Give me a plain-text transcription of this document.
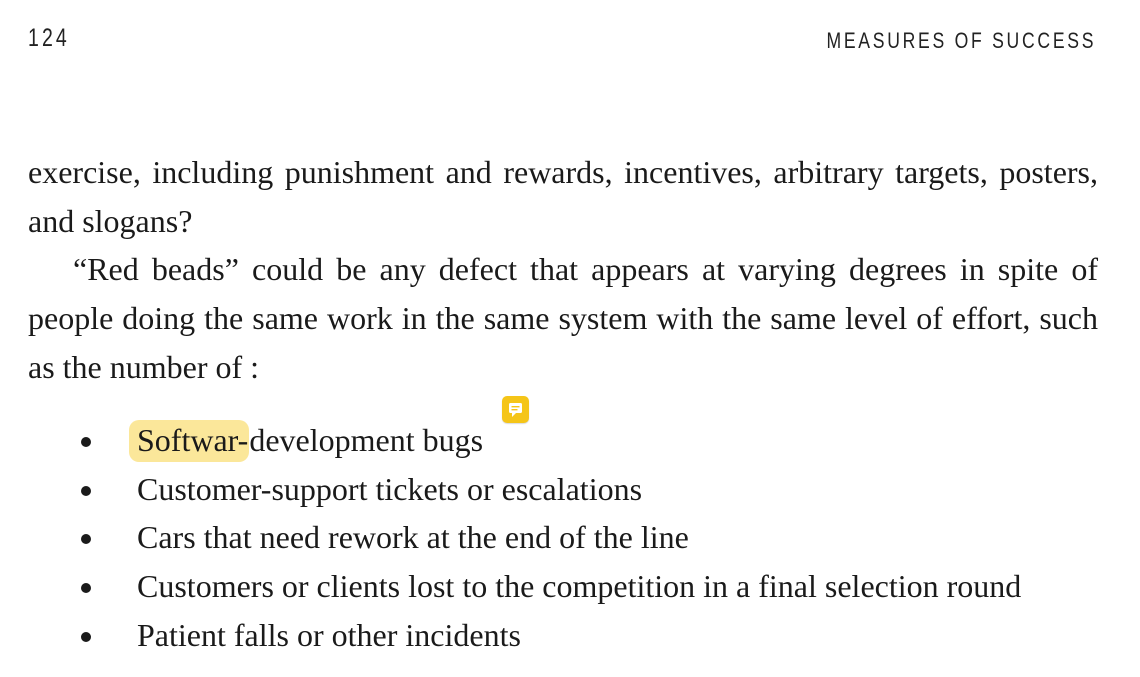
124	MEASURES OF SUCCESS

exercise, including punishment and rewards, incentives, arbitrary targets, posters, and slogans?

“Red beads” could be any defect that appears at varying degrees in spite of people doing the same work in the same system with the same level of effort, such as the number of :

Softwar-development bugs
Customer-support tickets or escalations
Cars that need rework at the end of the line
Customers or clients lost to the competition in a final selection round
Patient falls or other incidents
